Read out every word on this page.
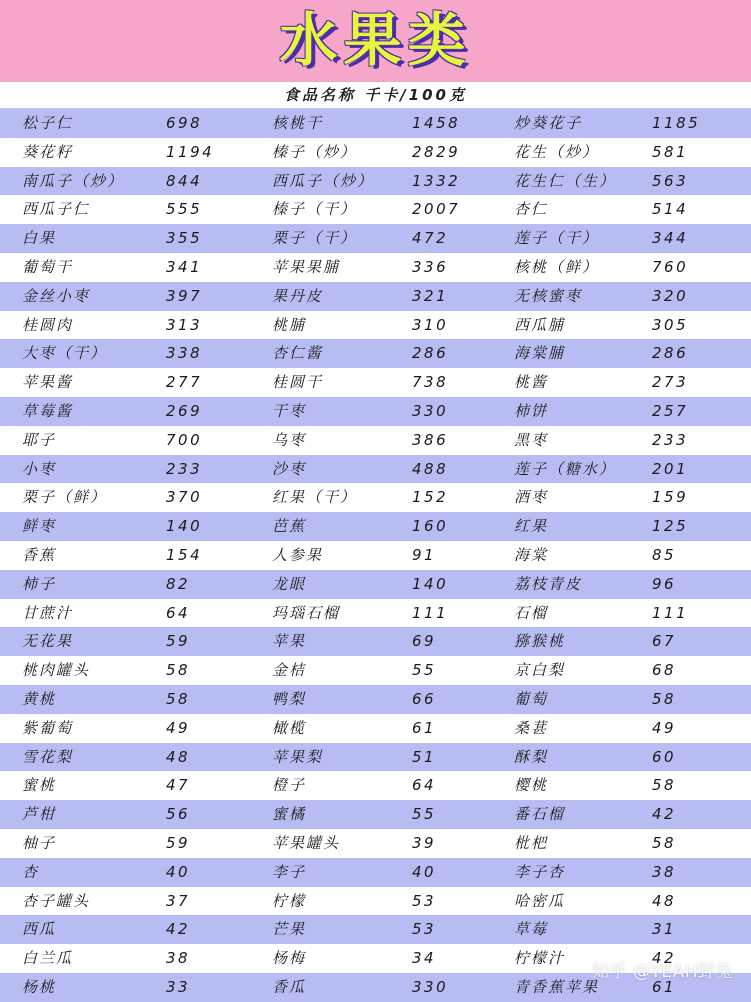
水果类
食品名称 千卡/100克
松子仁	698	核桃干	1458	炒葵花子	1185
葵花籽	1194	榛子（炒）	2829	花生（炒）	581
南瓜子（炒）	844	西瓜子（炒）	1332	花生仁（生） 563
西瓜子仁	555	榛子（干）	2007	杏仁	514
白果	355	栗子（干）	472	莲子（干）	344
葡萄干	341	苹果果脯	336	核桃（鲜）	760
金丝小枣	397	果丹皮	321	无核蜜枣	320
桂圆肉	313	桃脯	310	西瓜脯	305
大枣（干）	338	杏仁酱	286	海棠脯	286
苹果酱	277	桂圆干	738	桃酱	273
草莓酱	269	干枣	330	柿饼	257
耶子	700	乌枣	386	黑枣	233
小枣	233	沙枣	488	莲子（糖水） 201
栗子（鲜）	370	红果（干）	152	酒枣	159
鲜枣	140	芭蕉	160	红果	125
香蕉	154	人参果	91	海棠	85
柿子	82	龙眼	140	荔枝青皮	96
甘蔗汁	64	玛瑙石榴	111	石榴	111
无花果	59	苹果	69	猕猴桃	67
桃肉罐头	58	金桔	55	京白梨	68
黄桃	58	鸭梨	66	葡萄	58
紫葡萄	49	橄榄	61	桑葚	49
雪花梨	48	苹果梨	51	酥梨	60
蜜桃	47	橙子	64	樱桃	58
芦柑	56	蜜橘	55	番石榴	42
柚子	59	苹果罐头	39	枇杷	58
杏	40	李子	40	李子杏	38
杏子罐头	37	柠檬	53	哈密瓜	48
西瓜	42	芒果	53	草莓	31
白兰瓜	38	杨梅	34	柠檬汁	42
杨桃	33	香瓜	330	青香蕉苹果	61
知乎 @YEAH野兔
